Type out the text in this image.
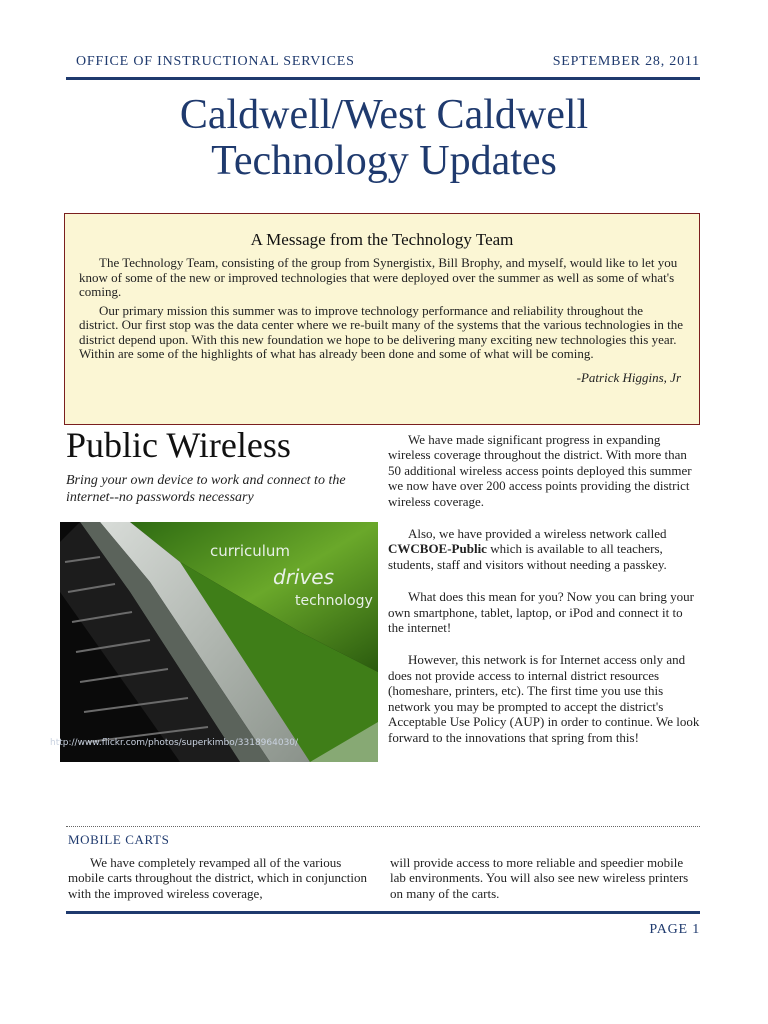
OFFICE OF INSTRUCTIONAL SERVICES	SEPTEMBER 28, 2011
Caldwell/West Caldwell
Technology Updates
A Message from the Technology Team

The Technology Team, consisting of the group from Synergistix, Bill Brophy, and myself, would like to let you know of some of the new or improved technologies that were deployed over the summer as well as some of what's coming.

Our primary mission this summer was to improve technology performance and reliability throughout the district. Our first stop was the data center where we re-built many of the systems that the various technologies in the district depend upon. With this new foundation we hope to be delivering many exciting new technologies this year. Within are some of the highlights of what has already been done and some of what will be coming.

-Patrick Higgins, Jr
Public Wireless
Bring your own device to work and connect to the internet--no passwords necessary
curriculum
drives
technology
http://www.flickr.com/photos/superkimbo/3318964030/

We have made significant progress in expanding wireless coverage throughout the district. With more than 50 additional wireless access points deployed this summer we now have over 200 access points providing the district wireless coverage.

Also, we have provided a wireless network called CWCBOE-Public which is available to all teachers, students, staff and visitors without needing a passkey.

What does this mean for you? Now you can bring your own smartphone, tablet, laptop, or iPod and connect it to the internet!

However, this network is for Internet access only and does not provide access to internal district resources (homeshare, printers, etc). The first time you use this network you may be prompted to accept the district's Acceptable Use Policy (AUP) in order to continue. We look forward to the innovations that spring from this!

MOBILE CARTS
We have completely revamped all of the various mobile carts throughout the district, which in conjunction with the improved wireless coverage,
will provide access to more reliable and speedier mobile lab environments. You will also see new wireless printers on many of the carts.
PAGE 1
